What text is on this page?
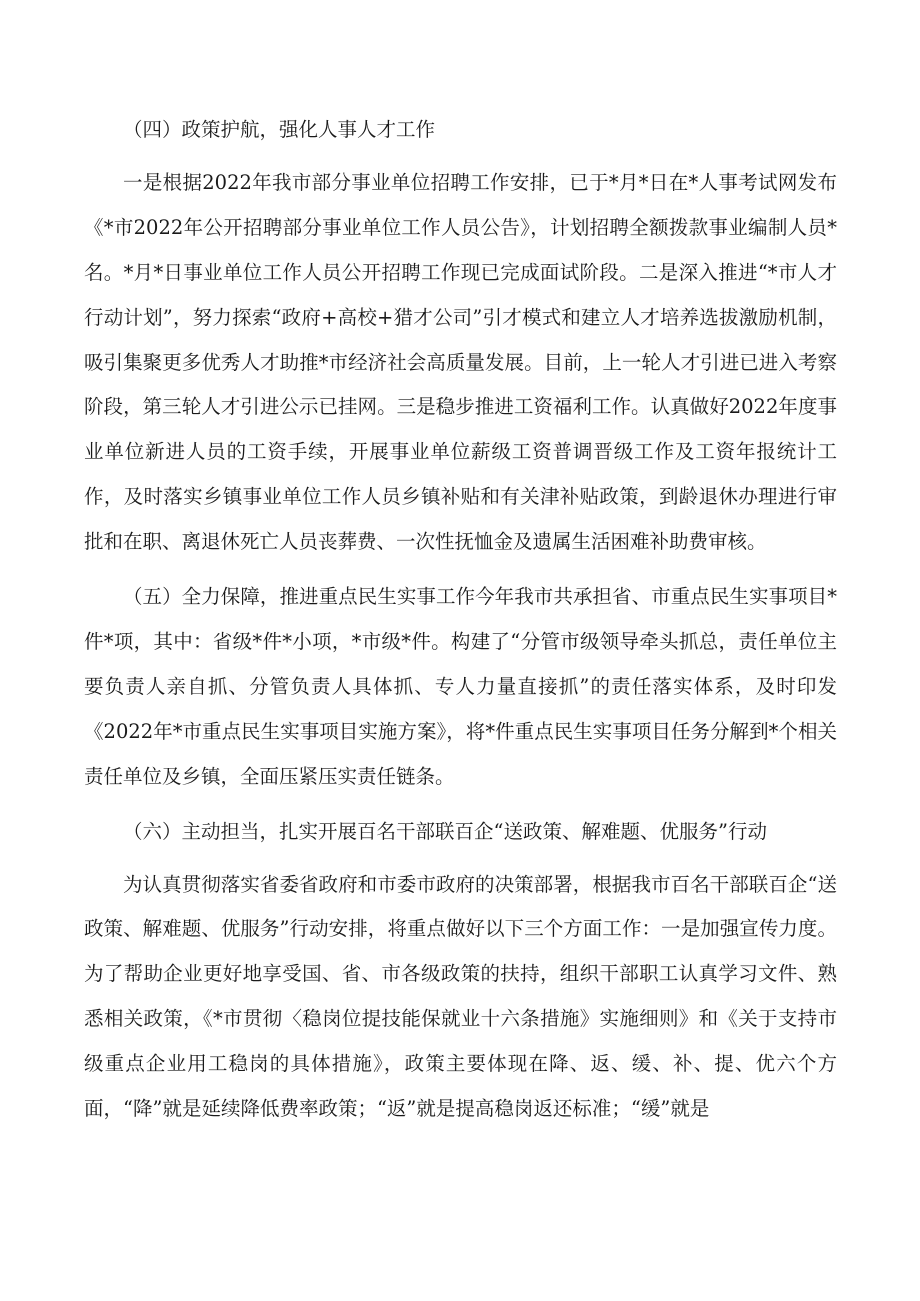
（四）政策护航，强化人事人才工作

一是根据2022年我市部分事业单位招聘工作安排，已于*月*日在*人事考试网发布《*市2022年公开招聘部分事业单位工作人员公告》，计划招聘全额拨款事业编制人员*名。*月*日事业单位工作人员公开招聘工作现已完成面试阶段。二是深入推进“*市人才行动计划”，努力探索“政府+高校+猎才公司”引才模式和建立人才培养选拔激励机制，吸引集聚更多优秀人才助推*市经济社会高质量发展。目前，上一轮人才引进已进入考察阶段，第三轮人才引进公示已挂网。三是稳步推进工资福利工作。认真做好2022年度事业单位新进人员的工资手续，开展事业单位薪级工资普调晋级工作及工资年报统计工作，及时落实乡镇事业单位工作人员乡镇补贴和有关津补贴政策，到龄退休办理进行审批和在职、离退休死亡人员丧葬费、一次性抚恤金及遗属生活困难补助费审核。

（五）全力保障，推进重点民生实事工作今年我市共承担省、市重点民生实事项目*件*项，其中：省级*件*小项，*市级*件。构建了“分管市级领导牵头抓总，责任单位主要负责人亲自抓、分管负责人具体抓、专人力量直接抓”的责任落实体系，及时印发《2022年*市重点民生实事项目实施方案》，将*件重点民生实事项目任务分解到*个相关责任单位及乡镇，全面压紧压实责任链条。

（六）主动担当，扎实开展百名干部联百企“送政策、解难题、优服务”行动

为认真贯彻落实省委省政府和市委市政府的决策部署，根据我市百名干部联百企“送政策、解难题、优服务”行动安排，将重点做好以下三个方面工作：一是加强宣传力度。为了帮助企业更好地享受国、省、市各级政策的扶持，组织干部职工认真学习文件、熟悉相关政策，《*市贯彻〈稳岗位提技能保就业十六条措施》实施细则》和《关于支持市级重点企业用工稳岗的具体措施》，政策主要体现在降、返、缓、补、提、优六个方面，“降”就是延续降低费率政策；“返”就是提高稳岗返还标准；“缓”就是
